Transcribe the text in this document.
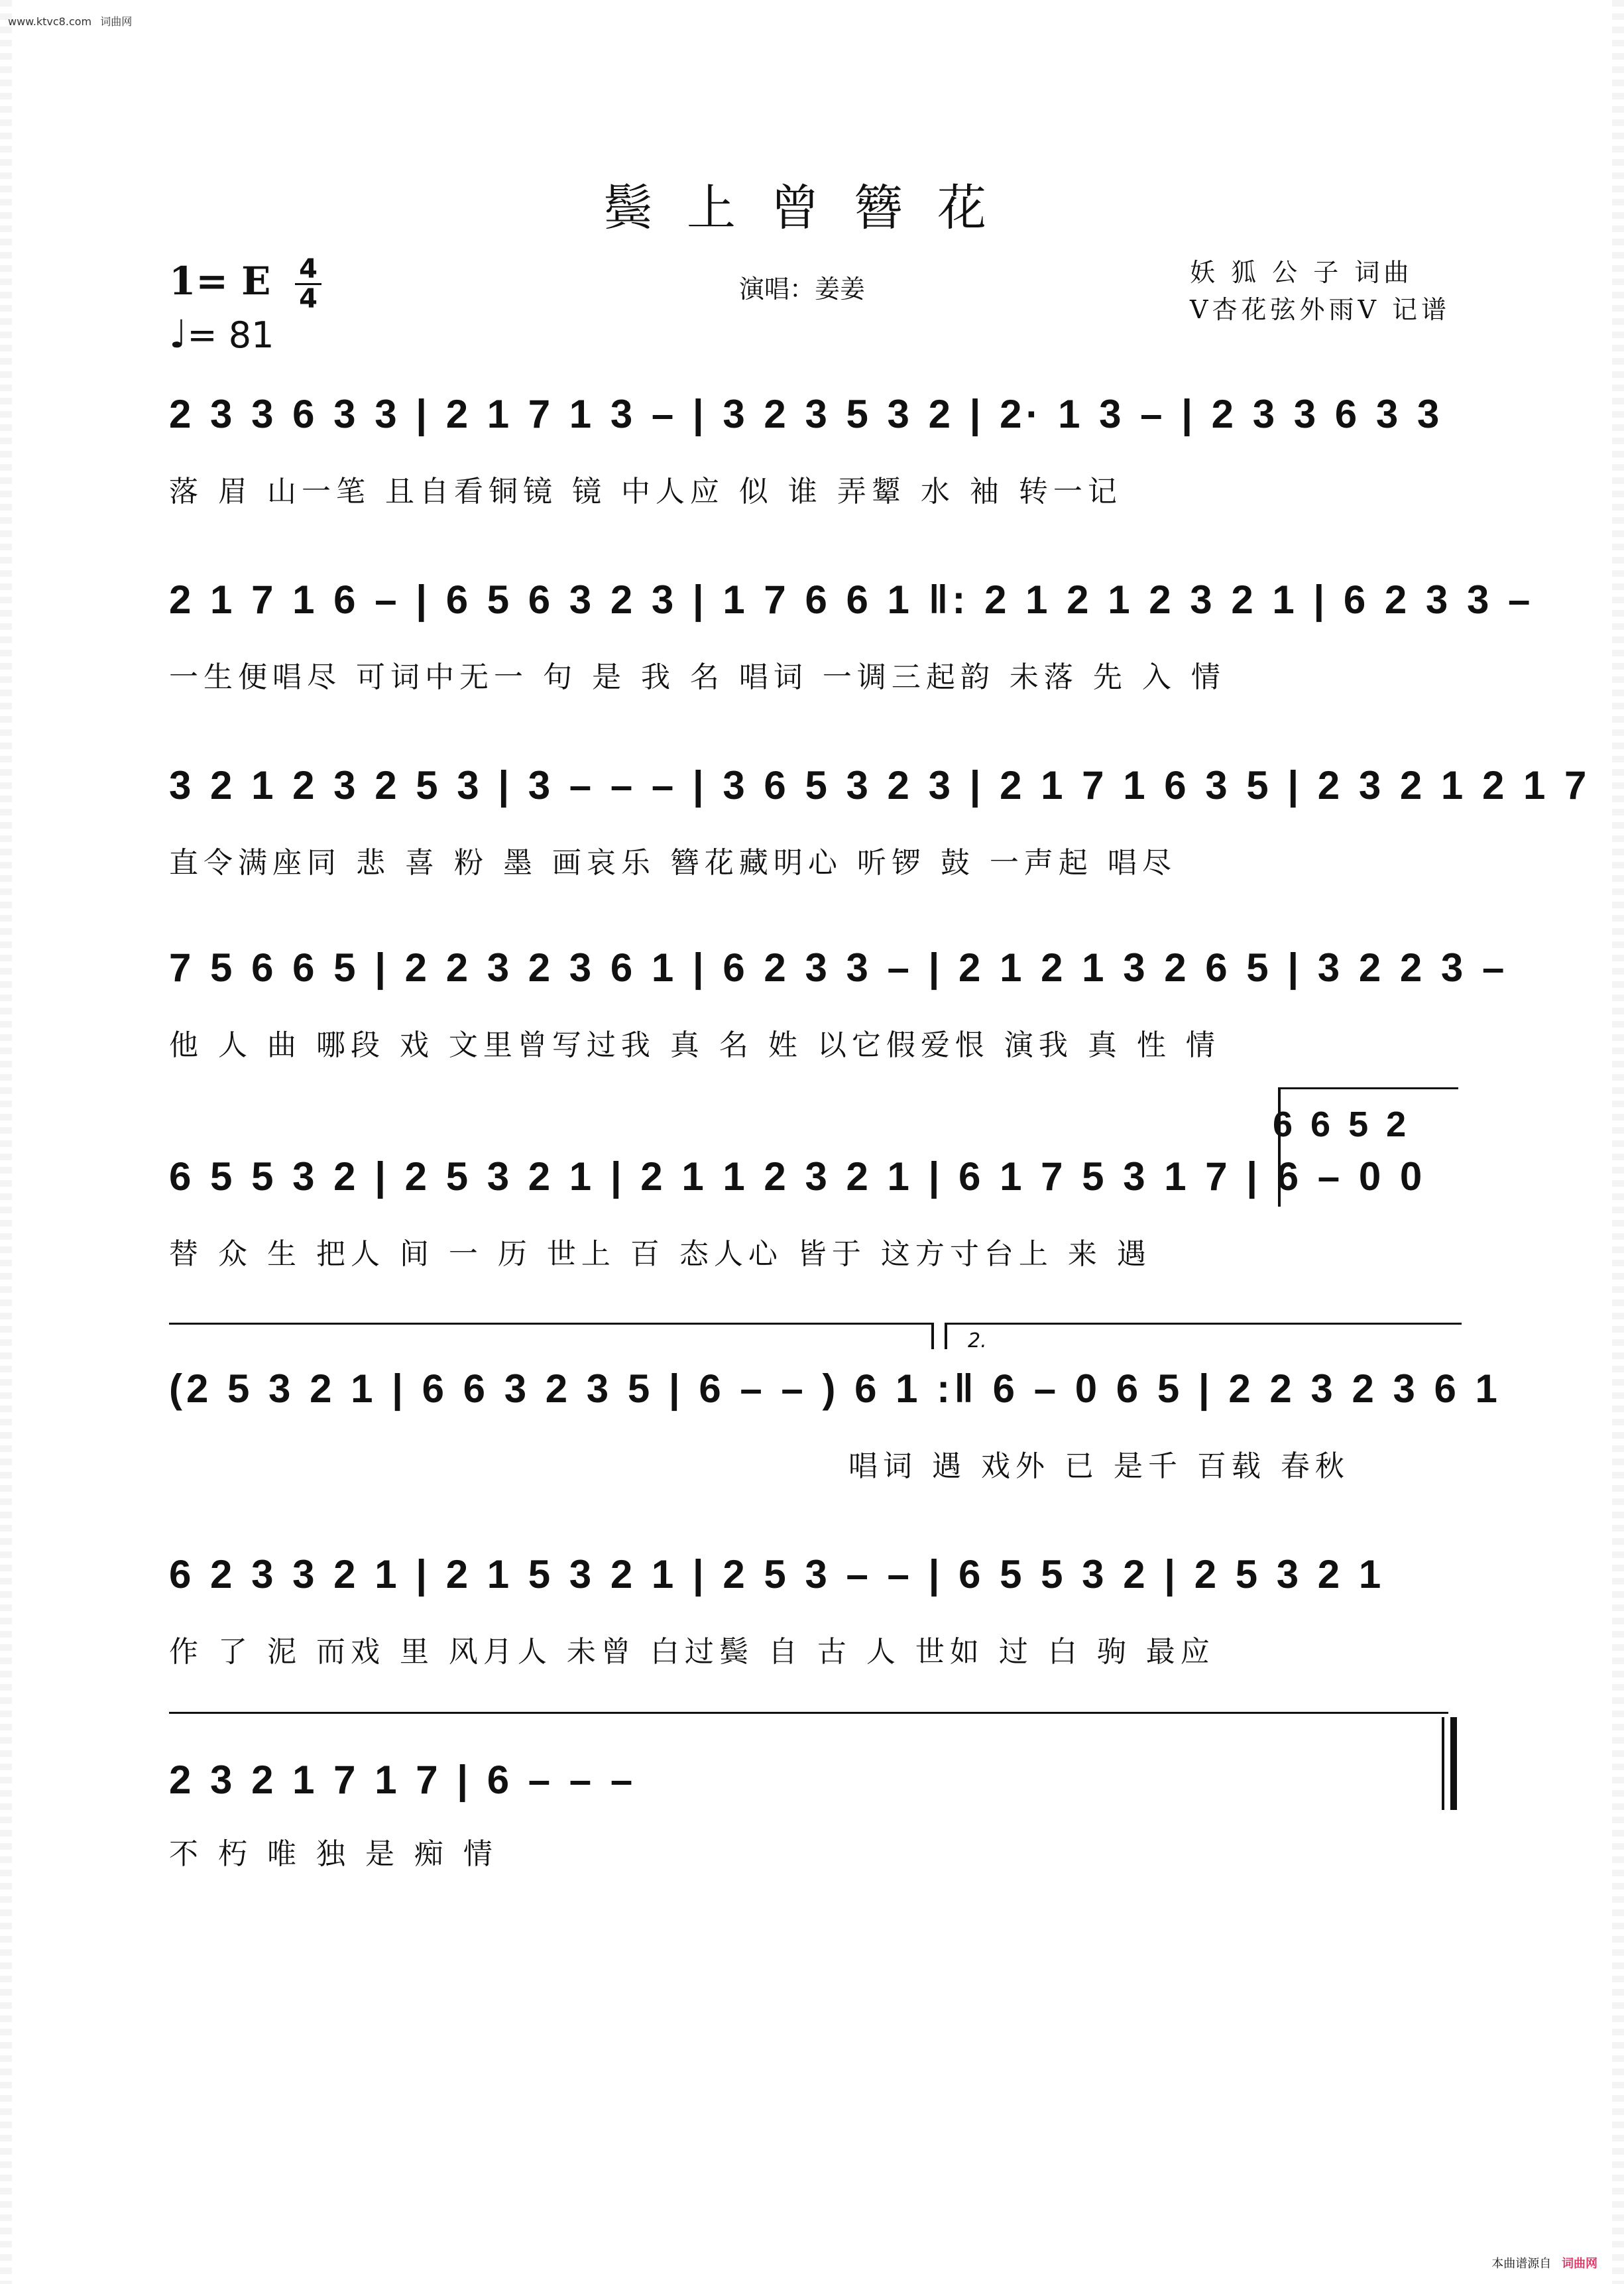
www.ktvc8.com 词曲网
鬓上曾簪花
1= E 4
4
♩= 81
演唱：姜姜
妖 狐 公 子 词曲
V杏花弦外雨V 记谱
2 3 3 6 3 3 | 2 1 7 1 3 – | 3 2 3 5 3 2 | 2· 1 3 – | 2 3 3 6 3 3
落 眉 山一笔 且自看铜镜 镜 中人应 似 谁 弄颦 水 袖 转一记
2 1 7 1 6 – | 6 5 6 3 2 3 | 1 7 6 6 1 ‖: 2 1 2 1 2 3 2 1 | 6 2 3 3 –
一生便唱尽 可词中无一 句 是 我 名 唱词 一调三起韵 未落 先 入 情
3 2 1 2 3 2 5 3 | 3 – – – | 3 6 5 3 2 3 | 2 1 7 1 6 3 5 | 2 3 2 1 2 1 7
直令满座同 悲 喜 粉 墨 画哀乐 簪花藏明心 听锣 鼓 一声起 唱尽
7 5 6 6 5 | 2 2 3 2 3 6 1 | 6 2 3 3 – | 2 1 2 1 3 2 6 5 | 3 2 2 3 –
他 人 曲 哪段 戏 文里曾写过我 真 名 姓 以它假爱恨 演我 真 性 情
6 6 5 2
6 5 5 3 2 | 2 5 3 2 1 | 2 1 1 2 3 2 1 | 6 1 7 5 3 1 7 | 6 – 0 0
替 众 生 把人 间 一 历 世上 百 态人心 皆于 这方寸台上 来 遇
2.
(2 5 3 2 1 | 6 6 3 2 3 5 | 6 – – ) 6 1 :‖ 6 – 0 6 5 | 2 2 3 2 3 6 1
唱词 遇 戏外 已 是千 百载 春秋
6 2 3 3 2 1 | 2 1 5 3 2 1 | 2 5 3 – – | 6 5 5 3 2 | 2 5 3 2 1
作 了 泥 而戏 里 风月人 未曾 白过鬓 自 古 人 世如 过 白 驹 最应
2 3 2 1 7 1 7 | 6 – – –
不 朽 唯 独 是 痴 情
本曲谱源自 词曲网
